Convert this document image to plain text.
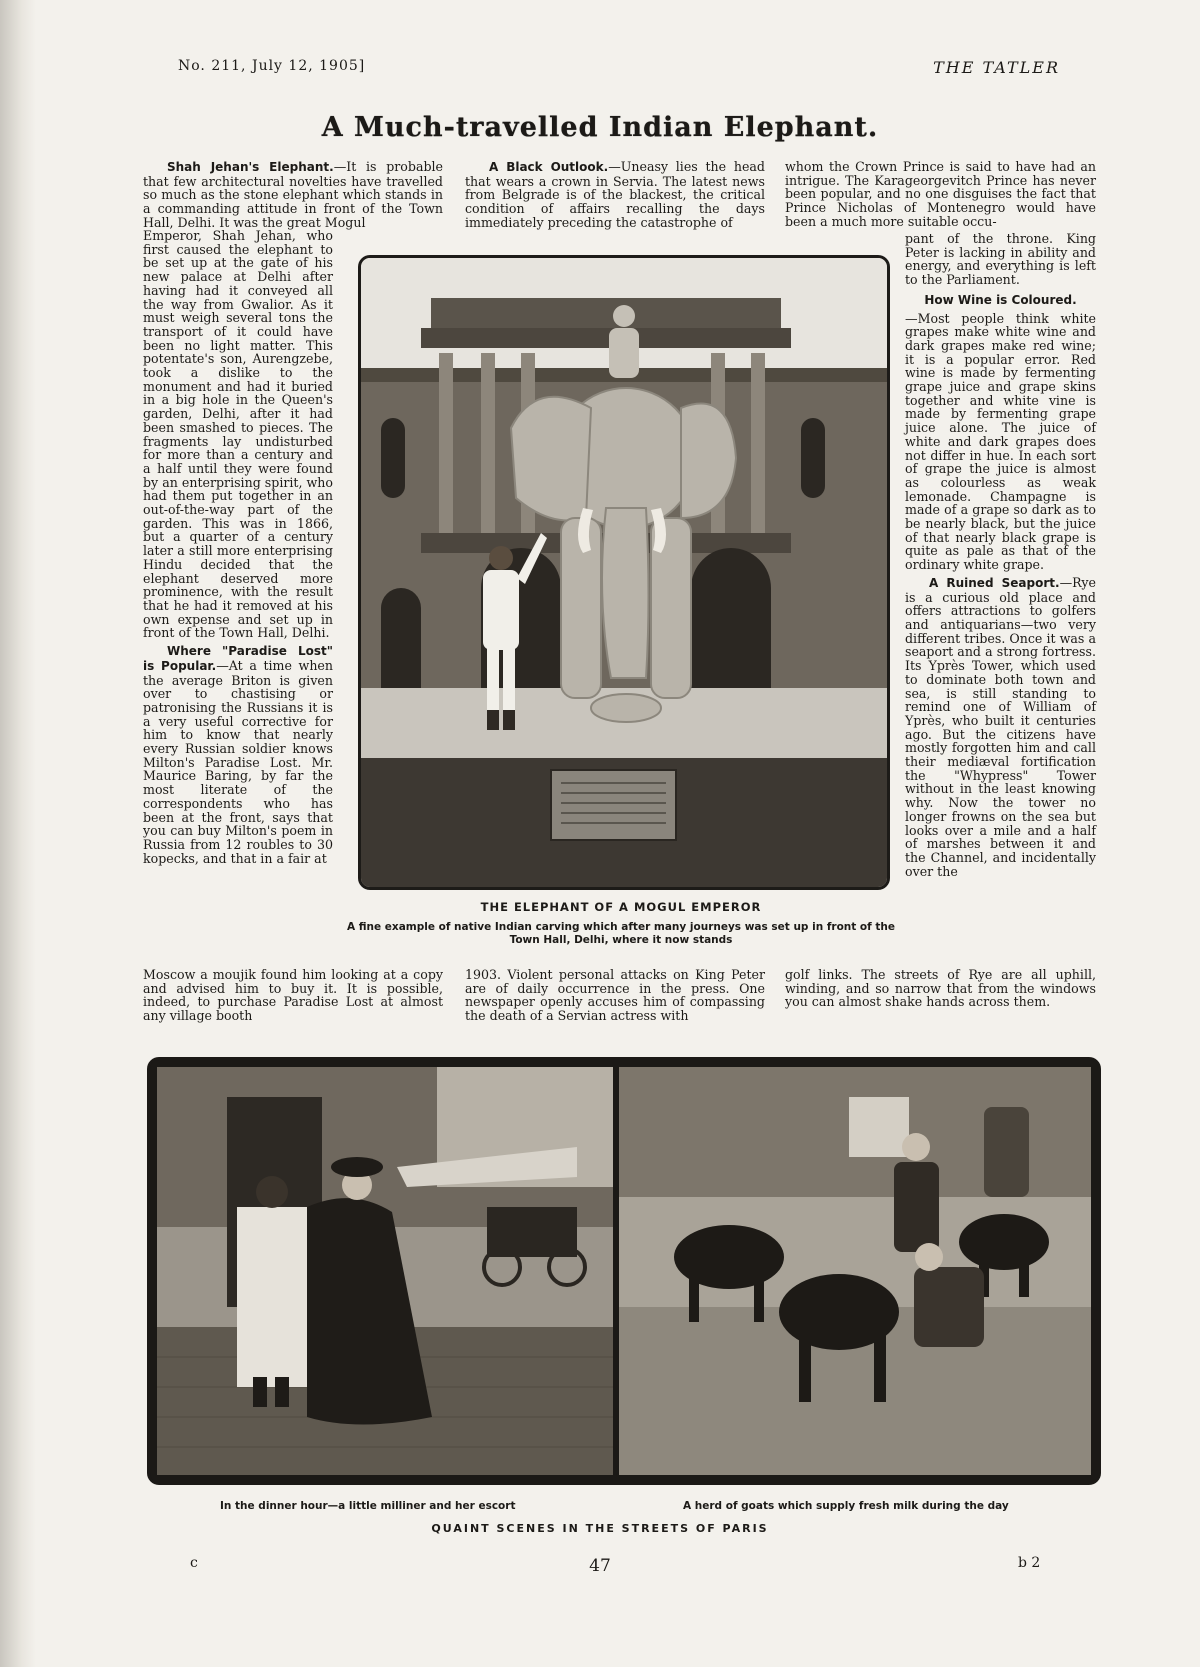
No. 211, July 12, 1905]	THE TATLER
A Much-travelled Indian Elephant.

Shah Jehan's Elephant.—It is probable that few architectural novelties have travelled so much as the stone elephant which stands in a commanding attitude in front of the Town Hall, Delhi. It was the great Mogul

Emperor, Shah Jehan, who first caused the elephant to be set up at the gate of his new palace at Delhi after having had it conveyed all the way from Gwalior. As it must weigh several tons the transport of it could have been no light matter. This potentate's son, Aurengzebe, took a dislike to the monument and had it buried in a big hole in the Queen's garden, Delhi, after it had been smashed to pieces. The fragments lay undisturbed for more than a century and a half until they were found by an enterprising spirit, who had them put together in an out-of-the-way part of the garden. This was in 1866, but a quarter of a century later a still more enterprising Hindu decided that the elephant deserved more prominence, with the result that he had it removed at his own expense and set up in front of the Town Hall, Delhi.

Where "Paradise Lost" is Popular.—At a time when the average Briton is given over to chastising or patronising the Russians it is a very useful corrective for him to know that nearly every Russian soldier knows Milton's Paradise Lost. Mr. Maurice Baring, by far the most literate of the correspondents who has been at the front, says that you can buy Milton's poem in Russia from 12 roubles to 30 kopecks, and that in a fair at

A Black Outlook.—Uneasy lies the head that wears a crown in Servia. The latest news from Belgrade is of the blackest, the critical condition of affairs recalling the days immediately preceding the catastrophe of

whom the Crown Prince is said to have had an intrigue. The Karageorgevitch Prince has never been popular, and no one disguises the fact that Prince Nicholas of Montenegro would have been a much more suitable occu-

pant of the throne. King Peter is lacking in ability and energy, and everything is left to the Parliament.

How Wine is Coloured.

—Most people think white grapes make white wine and dark grapes make red wine; it is a popular error. Red wine is made by fermenting grape juice and grape skins together and white vine is made by fermenting grape juice alone. The juice of white and dark grapes does not differ in hue. In each sort of grape the juice is almost as colourless as weak lemonade. Champagne is made of a grape so dark as to be nearly black, but the juice of that nearly black grape is quite as pale as that of the ordinary white grape.

A Ruined Seaport.—Rye is a curious old place and offers attractions to golfers and antiquarians—two very different tribes. Once it was a seaport and a strong fortress. Its Yprès Tower, which used to dominate both town and sea, is still standing to remind one of William of Yprès, who built it centuries ago. But the citizens have mostly forgotten him and call their mediæval fortification the "Whypress" Tower without in the least knowing why. Now the tower no longer frowns on the sea but looks over a mile and a half of marshes between it and the Channel, and incidentally over the

THE ELEPHANT OF A MOGUL EMPEROR
A fine example of native Indian carving which after many journeys was set up in front of the Town Hall, Delhi, where it now stands

Moscow a moujik found him looking at a copy and advised him to buy it. It is possible, indeed, to purchase Paradise Lost at almost any village booth

1903. Violent personal attacks on King Peter are of daily occurrence in the press. One newspaper openly accuses him of compassing the death of a Servian actress with

golf links. The streets of Rye are all uphill, winding, and so narrow that from the windows you can almost shake hands across them.

In the dinner hour—a little milliner and her escort	A herd of goats which supply fresh milk during the day
QUAINT SCENES IN THE STREETS OF PARIS
c	47	b 2
